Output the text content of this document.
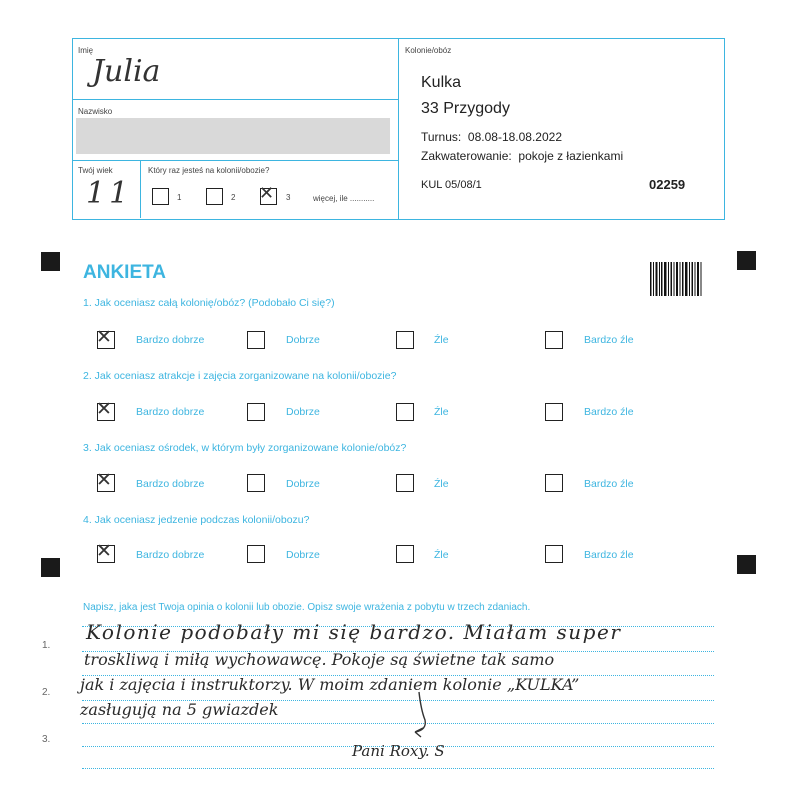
Imię
Julia
Nazwisko
Twój wiek
11
Który raz jesteś na kolonii/obozie?
1	2 ✕ 3	więcej, ile ...........
Kolonie/obóz
Kulka
33 Przygody
Turnus: 08.08-18.08.2022
Zakwaterowanie: pokoje z łazienkami
KUL 05/08/1	02259
ANKIETA
1. Jak oceniasz całą kolonię/obóz? (Podobało Ci się?)
✕ Bardzo dobrze	Dobrze	Źle	Bardzo źle
2. Jak oceniasz atrakcje i zajęcia zorganizowane na kolonii/obozie?
✕ Bardzo dobrze	Dobrze	Źle	Bardzo źle
3. Jak oceniasz ośrodek, w którym były zorganizowane kolonie/obóz?
✕ Bardzo dobrze	Dobrze	Źle	Bardzo źle
4. Jak oceniasz jedzenie podczas kolonii/obozu?
✕ Bardzo dobrze	Dobrze	Źle	Bardzo źle
Napisz, jaka jest Twoja opinia o kolonii lub obozie. Opisz swoje wrażenia z pobytu w trzech zdaniach.
1.
2.
3.
Kolonie podobały mi się bardzo. Miałam super
troskliwą i miłą wychowawcę. Pokoje są świetne tak samo
jak i zajęcia i instruktorzy. W moim zdaniem kolonie „KULKA”
zasługują na 5 gwiazdek
Pani Roxy. S
